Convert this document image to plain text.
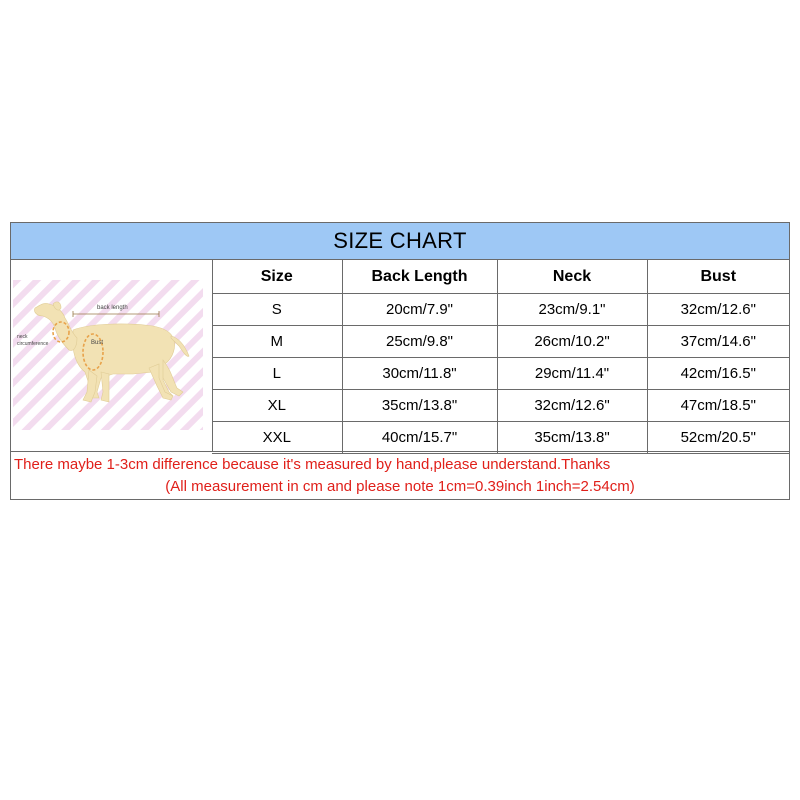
SIZE CHART
back length
neck
circumference	Bust
Size	Back Length	Neck	Bust
S	20cm/7.9"	23cm/9.1"	32cm/12.6"
M	25cm/9.8"	26cm/10.2"	37cm/14.6"
L	30cm/11.8"	29cm/11.4"	42cm/16.5"
XL	35cm/13.8"	32cm/12.6"	47cm/18.5"
XXL	40cm/15.7"	35cm/13.8"	52cm/20.5"
There maybe 1-3cm difference because it's measured by hand,please understand.Thanks
(All measurement in cm and please note 1cm=0.39inch 1inch=2.54cm)
